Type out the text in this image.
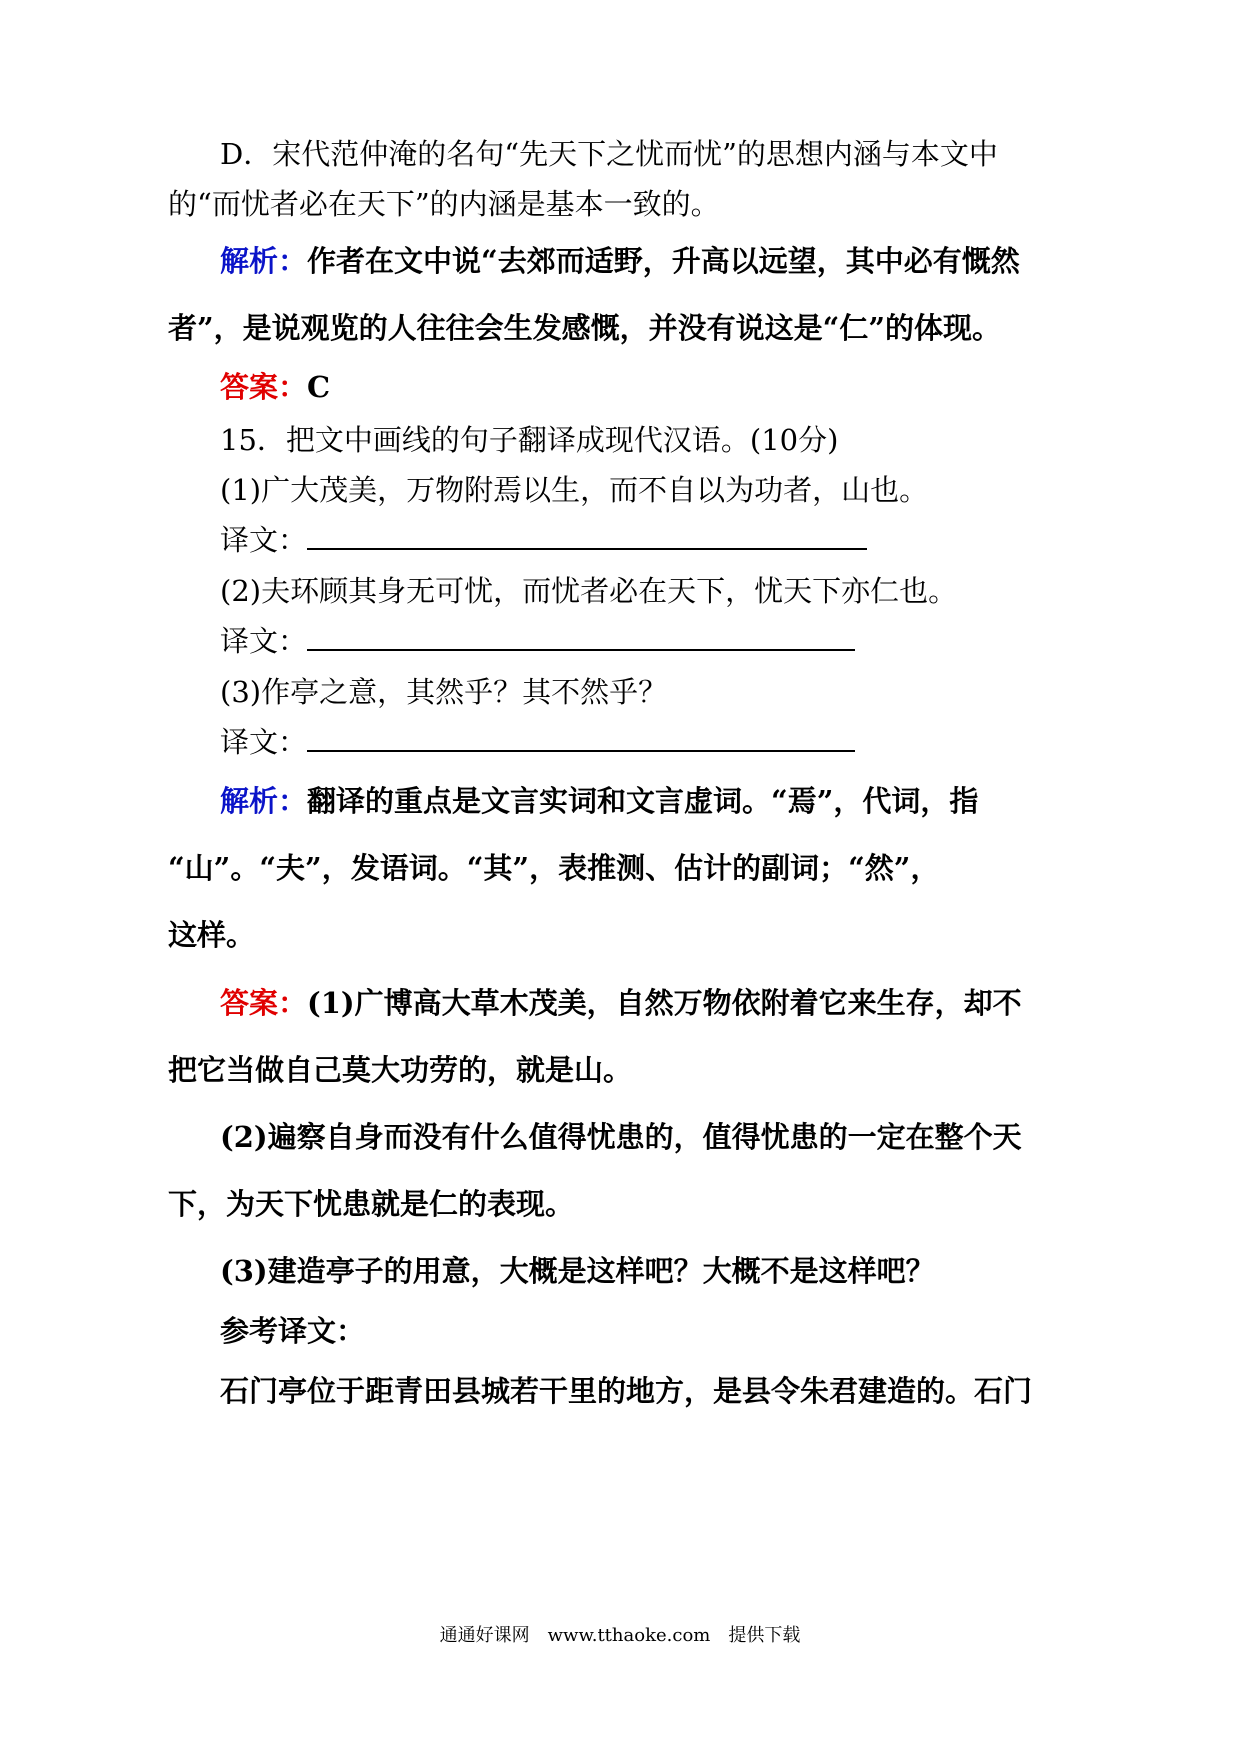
D．宋代范仲淹的名句“先天下之忧而忧”的思想内涵与本文中
的“而忧者必在天下”的内涵是基本一致的。
解析：作者在文中说“去郊而适野，升高以远望，其中必有慨然
者”，是说观览的人往往会生发感慨，并没有说这是“仁”的体现。
答案：C
15．把文中画线的句子翻译成现代汉语。(10分)
(1)广大茂美，万物附焉以生，而不自以为功者，山也。
译文：
(2)夫环顾其身无可忧，而忧者必在天下，忧天下亦仁也。
译文：
(3)作亭之意，其然乎？其不然乎？
译文：
解析：翻译的重点是文言实词和文言虚词。“焉”，代词，指
“山”。“夫”，发语词。“其”，表推测、估计的副词；“然”，
这样。
答案：(1)广博高大草木茂美，自然万物依附着它来生存，却不
把它当做自己莫大功劳的，就是山。
(2)遍察自身而没有什么值得忧患的，值得忧患的一定在整个天
下，为天下忧患就是仁的表现。
(3)建造亭子的用意，大概是这样吧？大概不是这样吧？
参考译文：
石门亭位于距青田县城若干里的地方，是县令朱君建造的。石门
通通好课网　www.tthaoke.com　提供下载
